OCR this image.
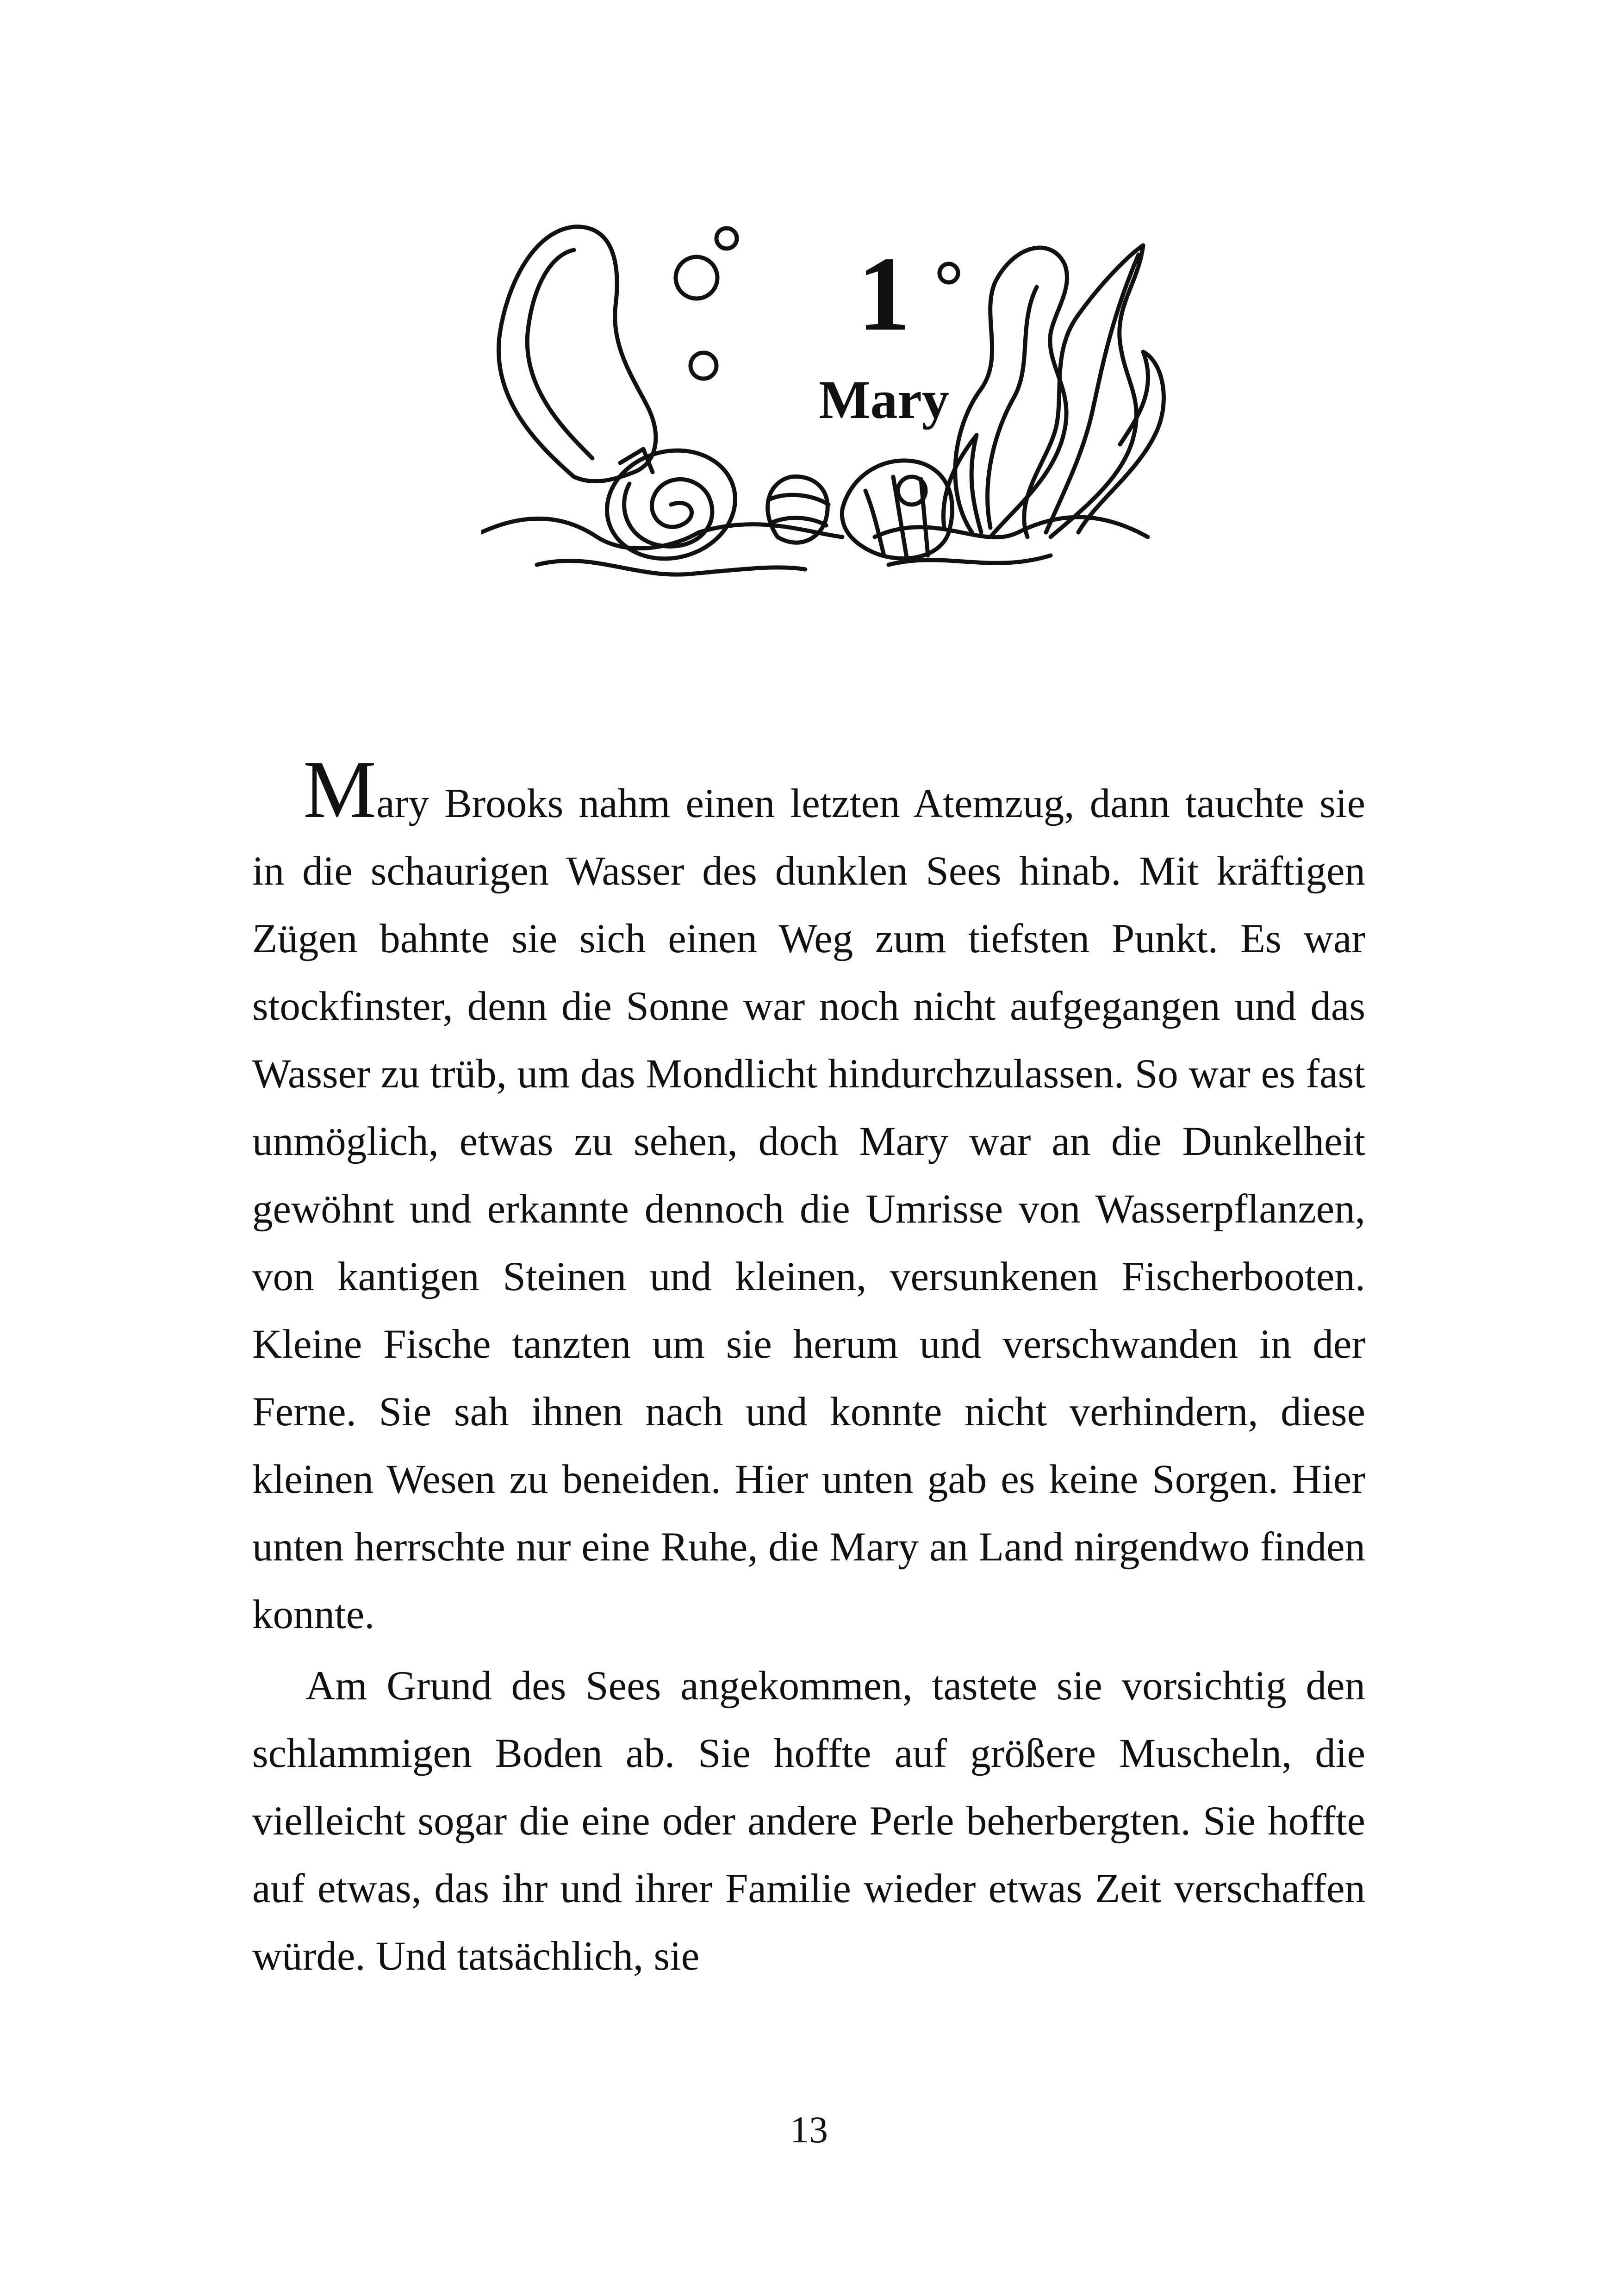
1
Mary

Mary Brooks nahm einen letzten Atemzug, dann tauchte sie in die schaurigen Wasser des dunklen Sees hinab. Mit kräftigen Zügen bahnte sie sich einen Weg zum tiefsten Punkt. Es war stockfinster, denn die Sonne war noch nicht aufgegangen und das Wasser zu trüb, um das Mondlicht hindurchzulassen. So war es fast unmöglich, etwas zu sehen, doch Mary war an die Dunkelheit gewöhnt und erkannte dennoch die Umrisse von Wasserpflanzen, von kantigen Steinen und kleinen, versunkenen Fischerbooten. Kleine Fische tanzten um sie herum und verschwanden in der Ferne. Sie sah ihnen nach und konnte nicht verhindern, diese kleinen Wesen zu beneiden. Hier unten gab es keine Sorgen. Hier unten herrschte nur eine Ruhe, die Mary an Land nirgendwo finden konnte.

Am Grund des Sees angekommen, tastete sie vorsichtig den schlammigen Boden ab. Sie hoffte auf größere Muscheln, die vielleicht sogar die eine oder andere Perle beherbergten. Sie hoffte auf etwas, das ihr und ihrer Familie wieder etwas Zeit verschaffen würde. Und tatsächlich, sie

13
